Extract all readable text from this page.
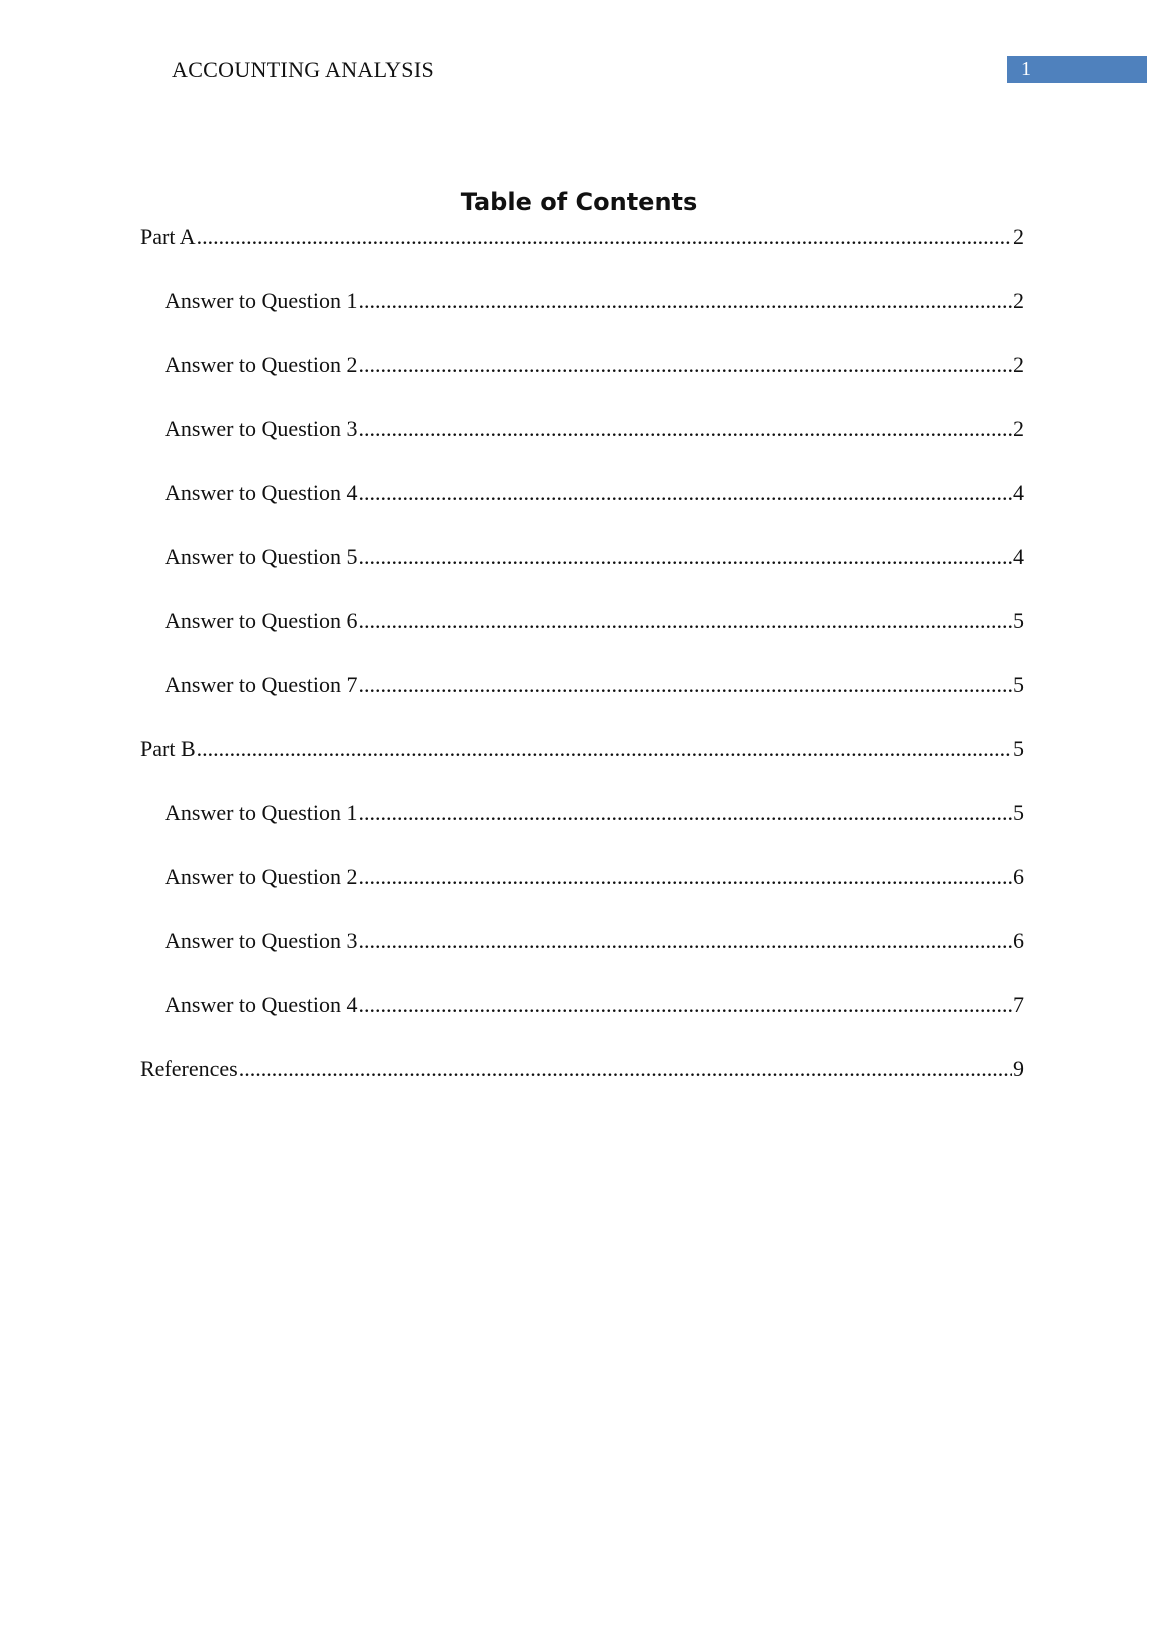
ACCOUNTING ANALYSIS	1
Table of Contents
Part A .....	2
Answer to Question 1 .....	2
Answer to Question 2 .....	2
Answer to Question 3 .....	2
Answer to Question 4 .....	4
Answer to Question 5 .....	4
Answer to Question 6 .....	5
Answer to Question 7 .....	5
Part B .....	5
Answer to Question 1 .....	5
Answer to Question 2 .....	6
Answer to Question 3 .....	6
Answer to Question 4 .....	7
References .....	9
